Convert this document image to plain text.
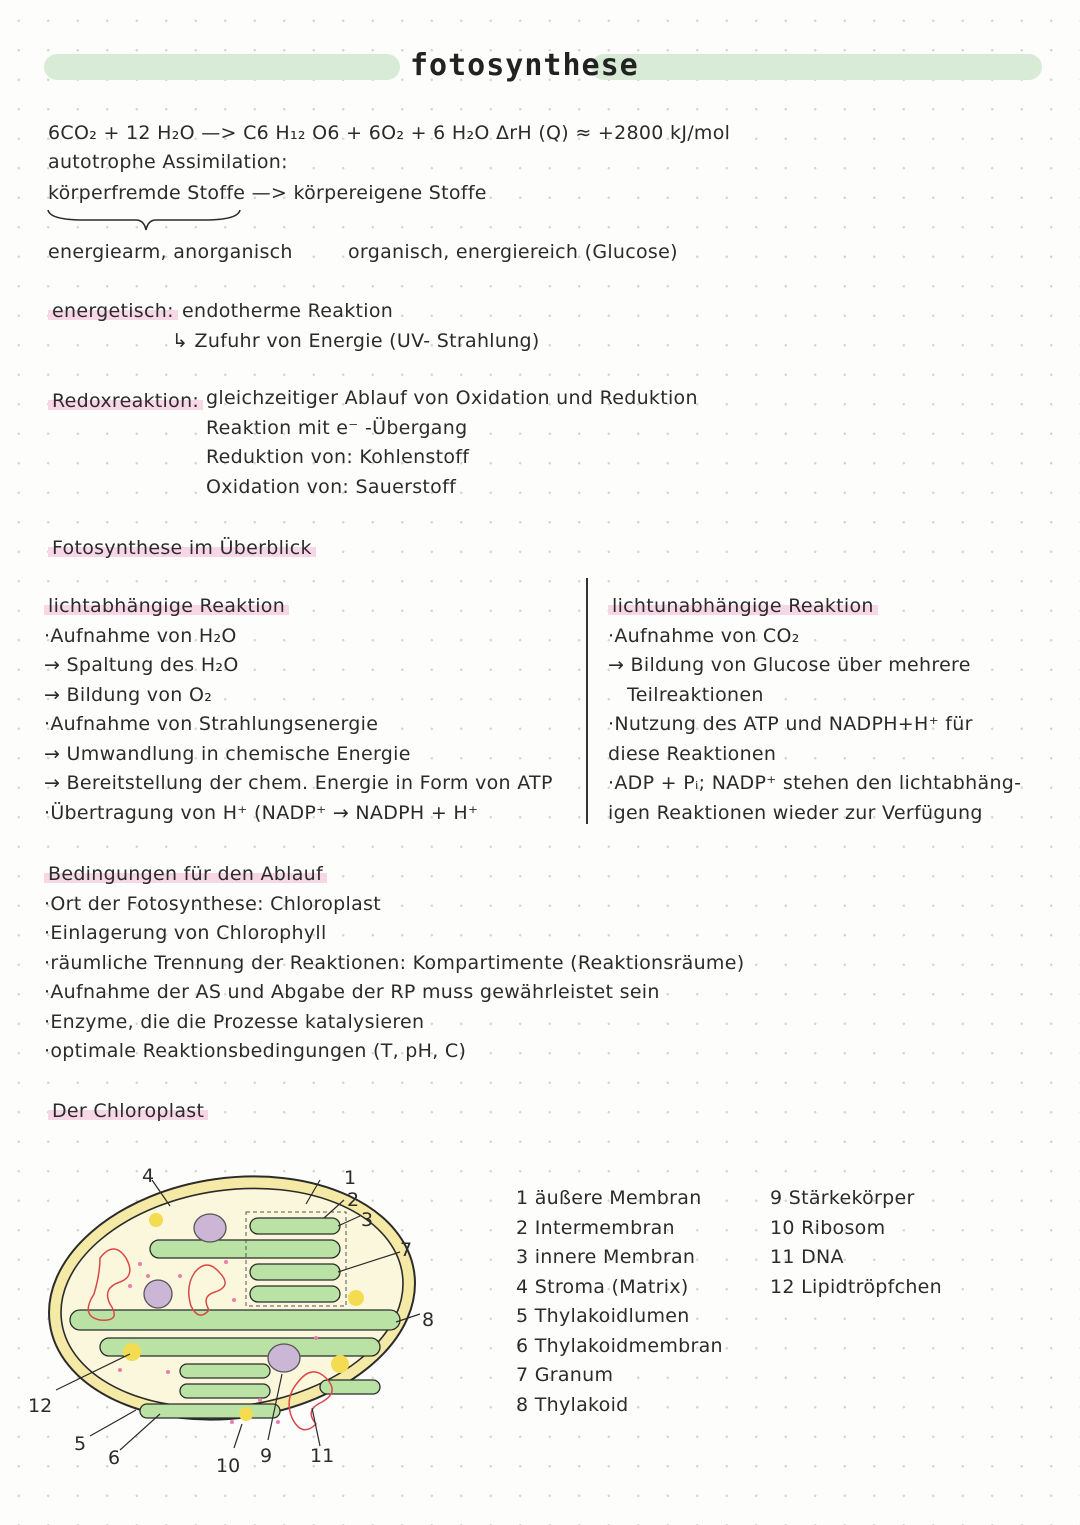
fotosynthese
6CO₂ + 12 H₂O —> C6 H₁₂ O6 + 6O₂ + 6 H₂O ΔrH (Q) ≈ +2800 kJ/mol
autotrophe Assimilation:
körperfremde Stoffe —> körpereigene Stoffe
energiearm, anorganisch	organisch, energiereich (Glucose)
energetisch: endotherme Reaktion
↳ Zufuhr von Energie (UV- Strahlung)
Redoxreaktion: gleichzeitiger Ablauf von Oxidation und Reduktion
Reaktion mit e⁻ -Übergang
Reduktion von: Kohlenstoff
Oxidation von: Sauerstoff
Fotosynthese im Überblick
lichtabhängige Reaktion
·Aufnahme von H₂O
→ Spaltung des H₂O
→ Bildung von O₂
·Aufnahme von Strahlungsenergie
→ Umwandlung in chemische Energie
→ Bereitstellung der chem. Energie in Form von ATP
·Übertragung von H⁺ (NADP⁺ → NADPH + H⁺
lichtunabhängige Reaktion
·Aufnahme von CO₂
→ Bildung von Glucose über mehrere
Teilreaktionen
·Nutzung des ATP und NADPH+H⁺ für
diese Reaktionen
·ADP + Pᵢ; NADP⁺ stehen den lichtabhäng-
igen Reaktionen wieder zur Verfügung
Bedingungen für den Ablauf
·Ort der Fotosynthese: Chloroplast
·Einlagerung von Chlorophyll
·räumliche Trennung der Reaktionen: Kompartimente (Reaktionsräume)
·Aufnahme der AS und Abgabe der RP muss gewährleistet sein
·Enzyme, die die Prozesse katalysieren
·optimale Reaktionsbedingungen (T, pH, C)
Der Chloroplast
1
2
3
4
5
6
7
8
9
10	11
12
1 äußere Membran
2 Intermembran
3 innere Membran
4 Stroma (Matrix)
5 Thylakoidlumen
6 Thylakoidmembran
7 Granum
8 Thylakoid
9 Stärkekörper
10 Ribosom
11 DNA
12 Lipidtröpfchen
